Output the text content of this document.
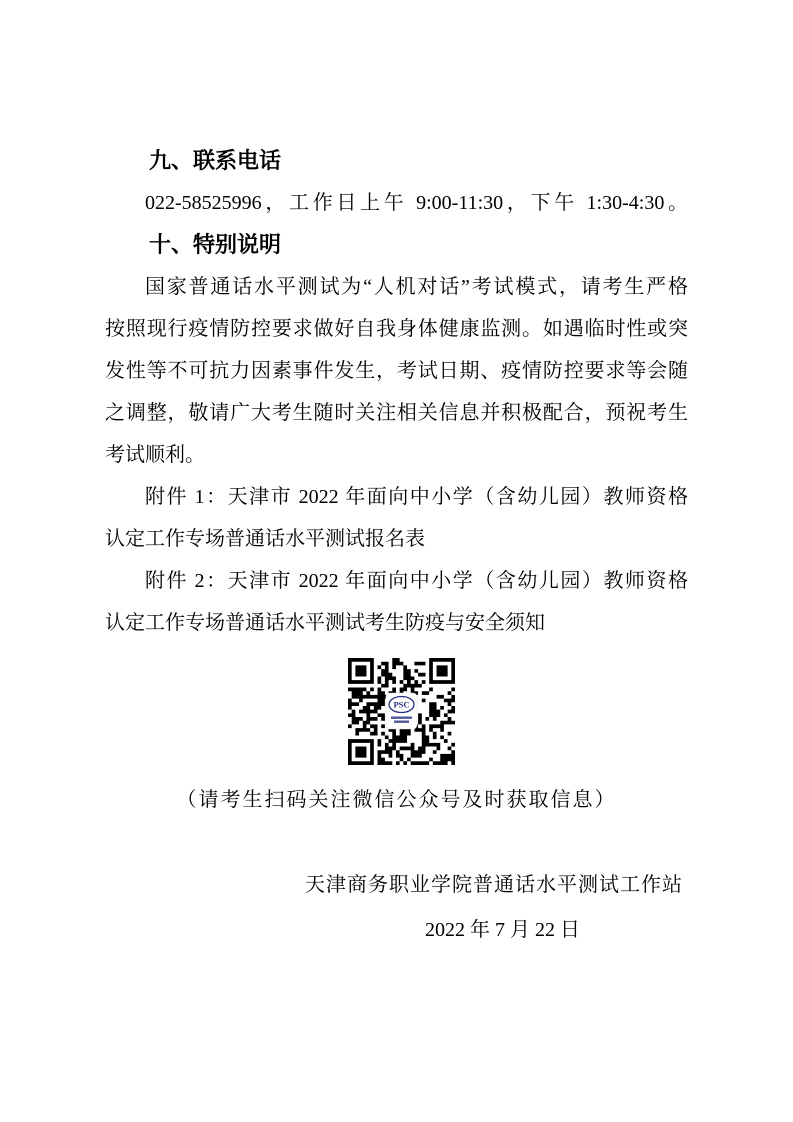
九、联系电话
022-58525996，工作日上午 9:00-11:30，下午 1:30-4:30。
十、特别说明
国家普通话水平测试为“人机对话”考试模式，请考生严格
按照现行疫情防控要求做好自我身体健康监测。如遇临时性或突
发性等不可抗力因素事件发生，考试日期、疫情防控要求等会随
之调整，敬请广大考生随时关注相关信息并积极配合，预祝考生
考试顺利。
附件 1：天津市 2022 年面向中小学（含幼儿园）教师资格
认定工作专场普通话水平测试报名表
附件 2：天津市 2022 年面向中小学（含幼儿园）教师资格
认定工作专场普通话水平测试考生防疫与安全须知
PSC
（请考生扫码关注微信公众号及时获取信息）
天津商务职业学院普通话水平测试工作站
2022 年 7 月 22 日
